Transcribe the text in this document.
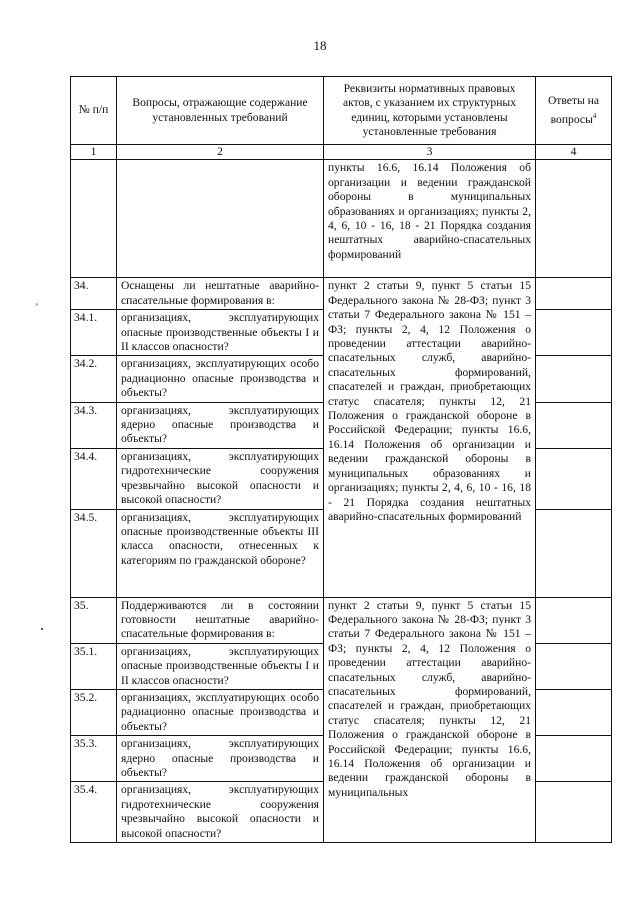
18
˚
№ п/п	Вопросы, отражающие содержание установленных требований	Реквизиты нормативных правовых актов, с указанием их структурных единиц, которыми установлены установленные требования	Ответы на вопросы$^4$
1	2	3	4
		пункты 16.6, 16.14 Положения об организации и ведении гражданской обороны в муниципальных образованиях и организациях; пункты 2, 4, 6, 10 - 16, 18 - 21 Порядка создания нештатных аварийно-спасательных формирований	
34.	Оснащены ли нештатные аварийно-спасательные формирования в:	пункт 2 статьи 9, пункт 5 статьи 15 Федерального закона № 28-ФЗ; пункт 3 статьи 7 Федерального закона № 151 – ФЗ; пункты 2, 4, 12 Положения о проведении аттестации аварийно-спасательных служб, аварийно-спасательных формирований, спасателей и граждан, приобретающих статус спасателя; пункты 12, 21 Положения о гражданской обороне в Российской Федерации; пункты 16.6, 16.14 Положения об организации и ведении гражданской обороны в муниципальных образованиях и организациях; пункты 2, 4, 6, 10 - 16, 18 - 21 Порядка создания нештатных аварийно-спасательных формирований	
34.1.	организациях, эксплуатирующих опасные производственные объекты I и II классов опасности?		
34.2.	организациях, эксплуатирующих особо радиационно опасные производства и объекты?		
34.3.	организациях, эксплуатирующих ядерно опасные производства и объекты?		
34.4.	организациях, эксплуатирующих гидротехнические сооружения чрезвычайно высокой опасности и высокой опасности?		
34.5.	организациях, эксплуатирующих опасные производственные объекты III класса опасности, отнесенных к категориям по гражданской обороне?		
35.	Поддерживаются ли в состоянии готовности нештатные аварийно-спасательные формирования в:	пункт 2 статьи 9, пункт 5 статьи 15 Федерального закона № 28-ФЗ; пункт 3 статьи 7 Федерального закона № 151 – ФЗ; пункты 2, 4, 12 Положения о проведении аттестации аварийно-спасательных служб, аварийно-спасательных формирований, спасателей и граждан, приобретающих статус спасателя; пункты 12, 21 Положения о гражданской обороне в Российской Федерации; пункты 16.6, 16.14 Положения об организации и ведении гражданской обороны в муниципальных	
35.1.	организациях, эксплуатирующих опасные производственные объекты I и II классов опасности?		
35.2.	организациях, эксплуатирующих особо радиационно опасные производства и объекты?		
35.3.	организациях, эксплуатирующих ядерно опасные производства и объекты?		
35.4.	организациях, эксплуатирующих гидротехнические сооружения чрезвычайно высокой опасности и высокой опасности?		
